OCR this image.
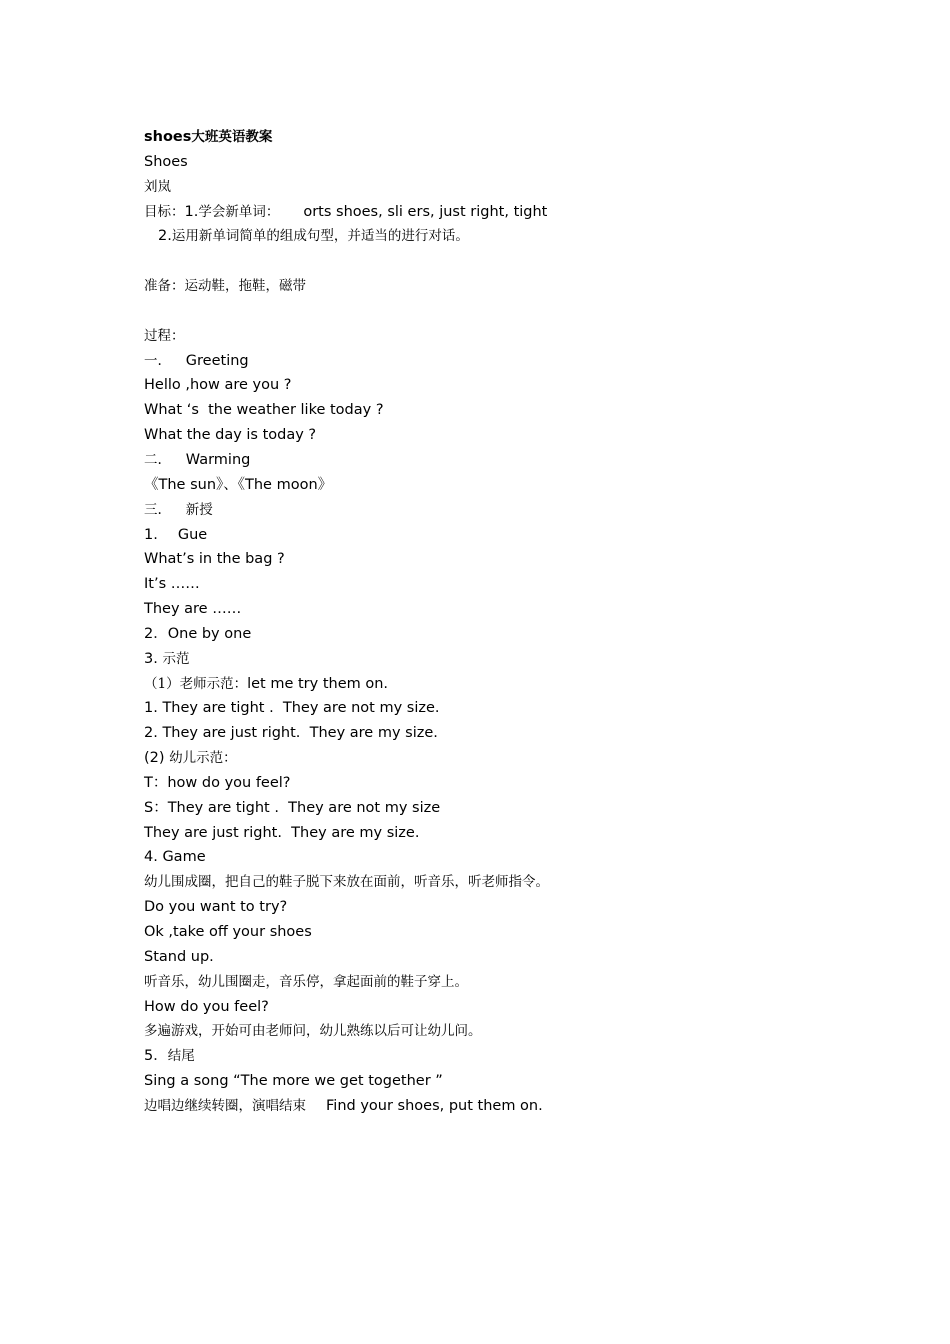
shoes大班英语教案
Shoes
刘岚
目标：1.学会新单词： orts shoes, sli ers, just right, tight
2.运用新单词简单的组成句型，并适当的进行对话。
准备：运动鞋，拖鞋，磁带
过程：
一. Greeting
Hello ,how are you ?
What ‘s  the weather like today ?
What the day is today ?
二. Warming
《The sun》、《The moon》
三. 新授
1. Gue
What’s in the bag ?
It’s ……
They are ……
2．One by one
3. 示范
（1）老师示范：let me try them on.
1. They are tight .  They are not my size.
2. They are just right.  They are my size.
(2) 幼儿示范：
T：how do you feel?
S：They are tight .  They are not my size
They are just right.  They are my size.
4. Game
幼儿围成圈，把自己的鞋子脱下来放在面前，听音乐，听老师指令。
Do you want to try?
Ok ,take off your shoes
Stand up.
听音乐，幼儿围圈走，音乐停，拿起面前的鞋子穿上。
How do you feel?
多遍游戏，开始可由老师问，幼儿熟练以后可让幼儿问。
5．结尾
Sing a song “The more we get together ”
边唱边继续转圈，演唱结束 Find your shoes, put them on.
